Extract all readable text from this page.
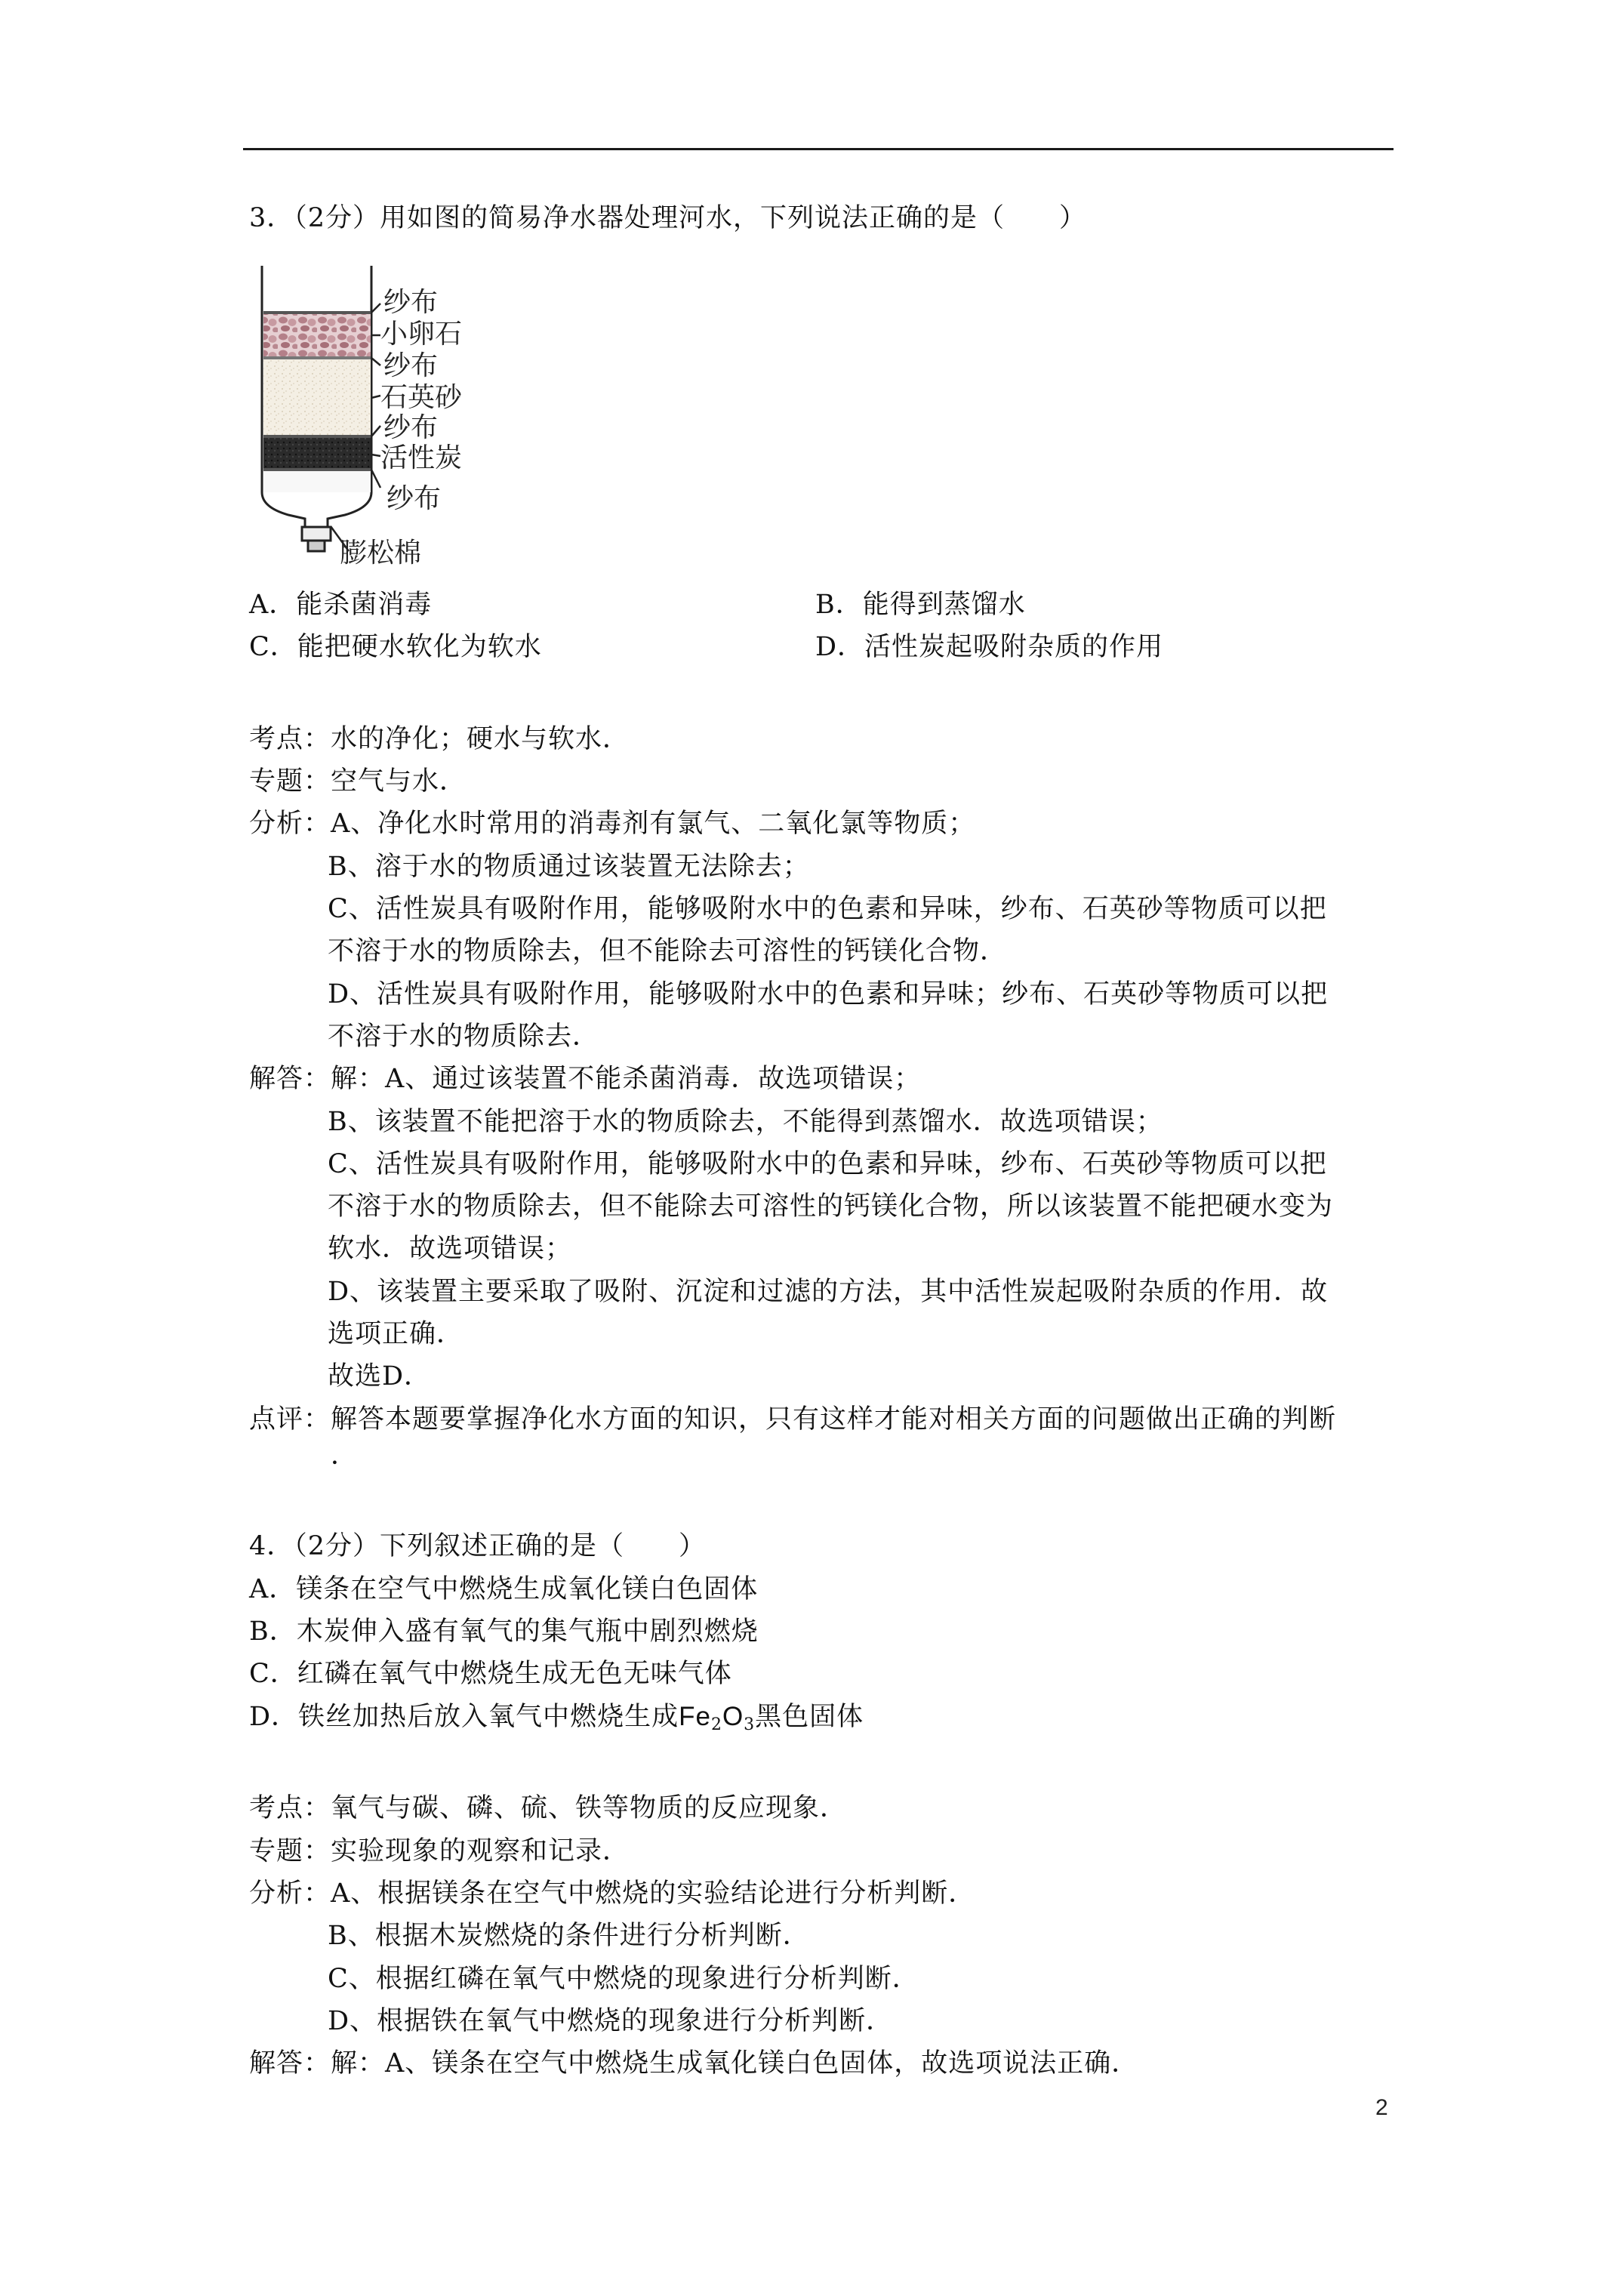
3．（2分）用如图的简易净水器处理河水，下列说法正确的是（　　）
A．能杀菌消毒	B．能得到蒸馏水
C．能把硬水软化为软水	D．活性炭起吸附杂质的作用
考点：水的净化；硬水与软水．
专题：空气与水．
分析：A、净化水时常用的消毒剂有氯气、二氧化氯等物质；
B、溶于水的物质通过该装置无法除去；
C、活性炭具有吸附作用，能够吸附水中的色素和异味，纱布、石英砂等物质可以把
不溶于水的物质除去，但不能除去可溶性的钙镁化合物．
D、活性炭具有吸附作用，能够吸附水中的色素和异味；纱布、石英砂等物质可以把
不溶于水的物质除去．
解答：解：A、通过该装置不能杀菌消毒．故选项错误；
B、该装置不能把溶于水的物质除去，不能得到蒸馏水．故选项错误；
C、活性炭具有吸附作用，能够吸附水中的色素和异味，纱布、石英砂等物质可以把
不溶于水的物质除去，但不能除去可溶性的钙镁化合物，所以该装置不能把硬水变为
软水．故选项错误；
D、该装置主要采取了吸附、沉淀和过滤的方法，其中活性炭起吸附杂质的作用．故
选项正确．
故选D．
点评：解答本题要掌握净化水方面的知识，只有这样才能对相关方面的问题做出正确的判断
．
4．（2分）下列叙述正确的是（　　）
A．镁条在空气中燃烧生成氧化镁白色固体
B．木炭伸入盛有氧气的集气瓶中剧烈燃烧
C．红磷在氧气中燃烧生成无色无味气体
D．铁丝加热后放入氧气中燃烧生成$Fe_2O_3$黑色固体
考点：氧气与碳、磷、硫、铁等物质的反应现象．
专题：实验现象的观察和记录．
分析：A、根据镁条在空气中燃烧的实验结论进行分析判断．
B、根据木炭燃烧的条件进行分析判断．
C、根据红磷在氧气中燃烧的现象进行分析判断．
D、根据铁在氧气中燃烧的现象进行分析判断．
解答：解：A、镁条在空气中燃烧生成氧化镁白色固体，故选项说法正确．
纱布
小卵石
纱布
石英砂
纱布
活性炭
纱布
膨松棉
2
